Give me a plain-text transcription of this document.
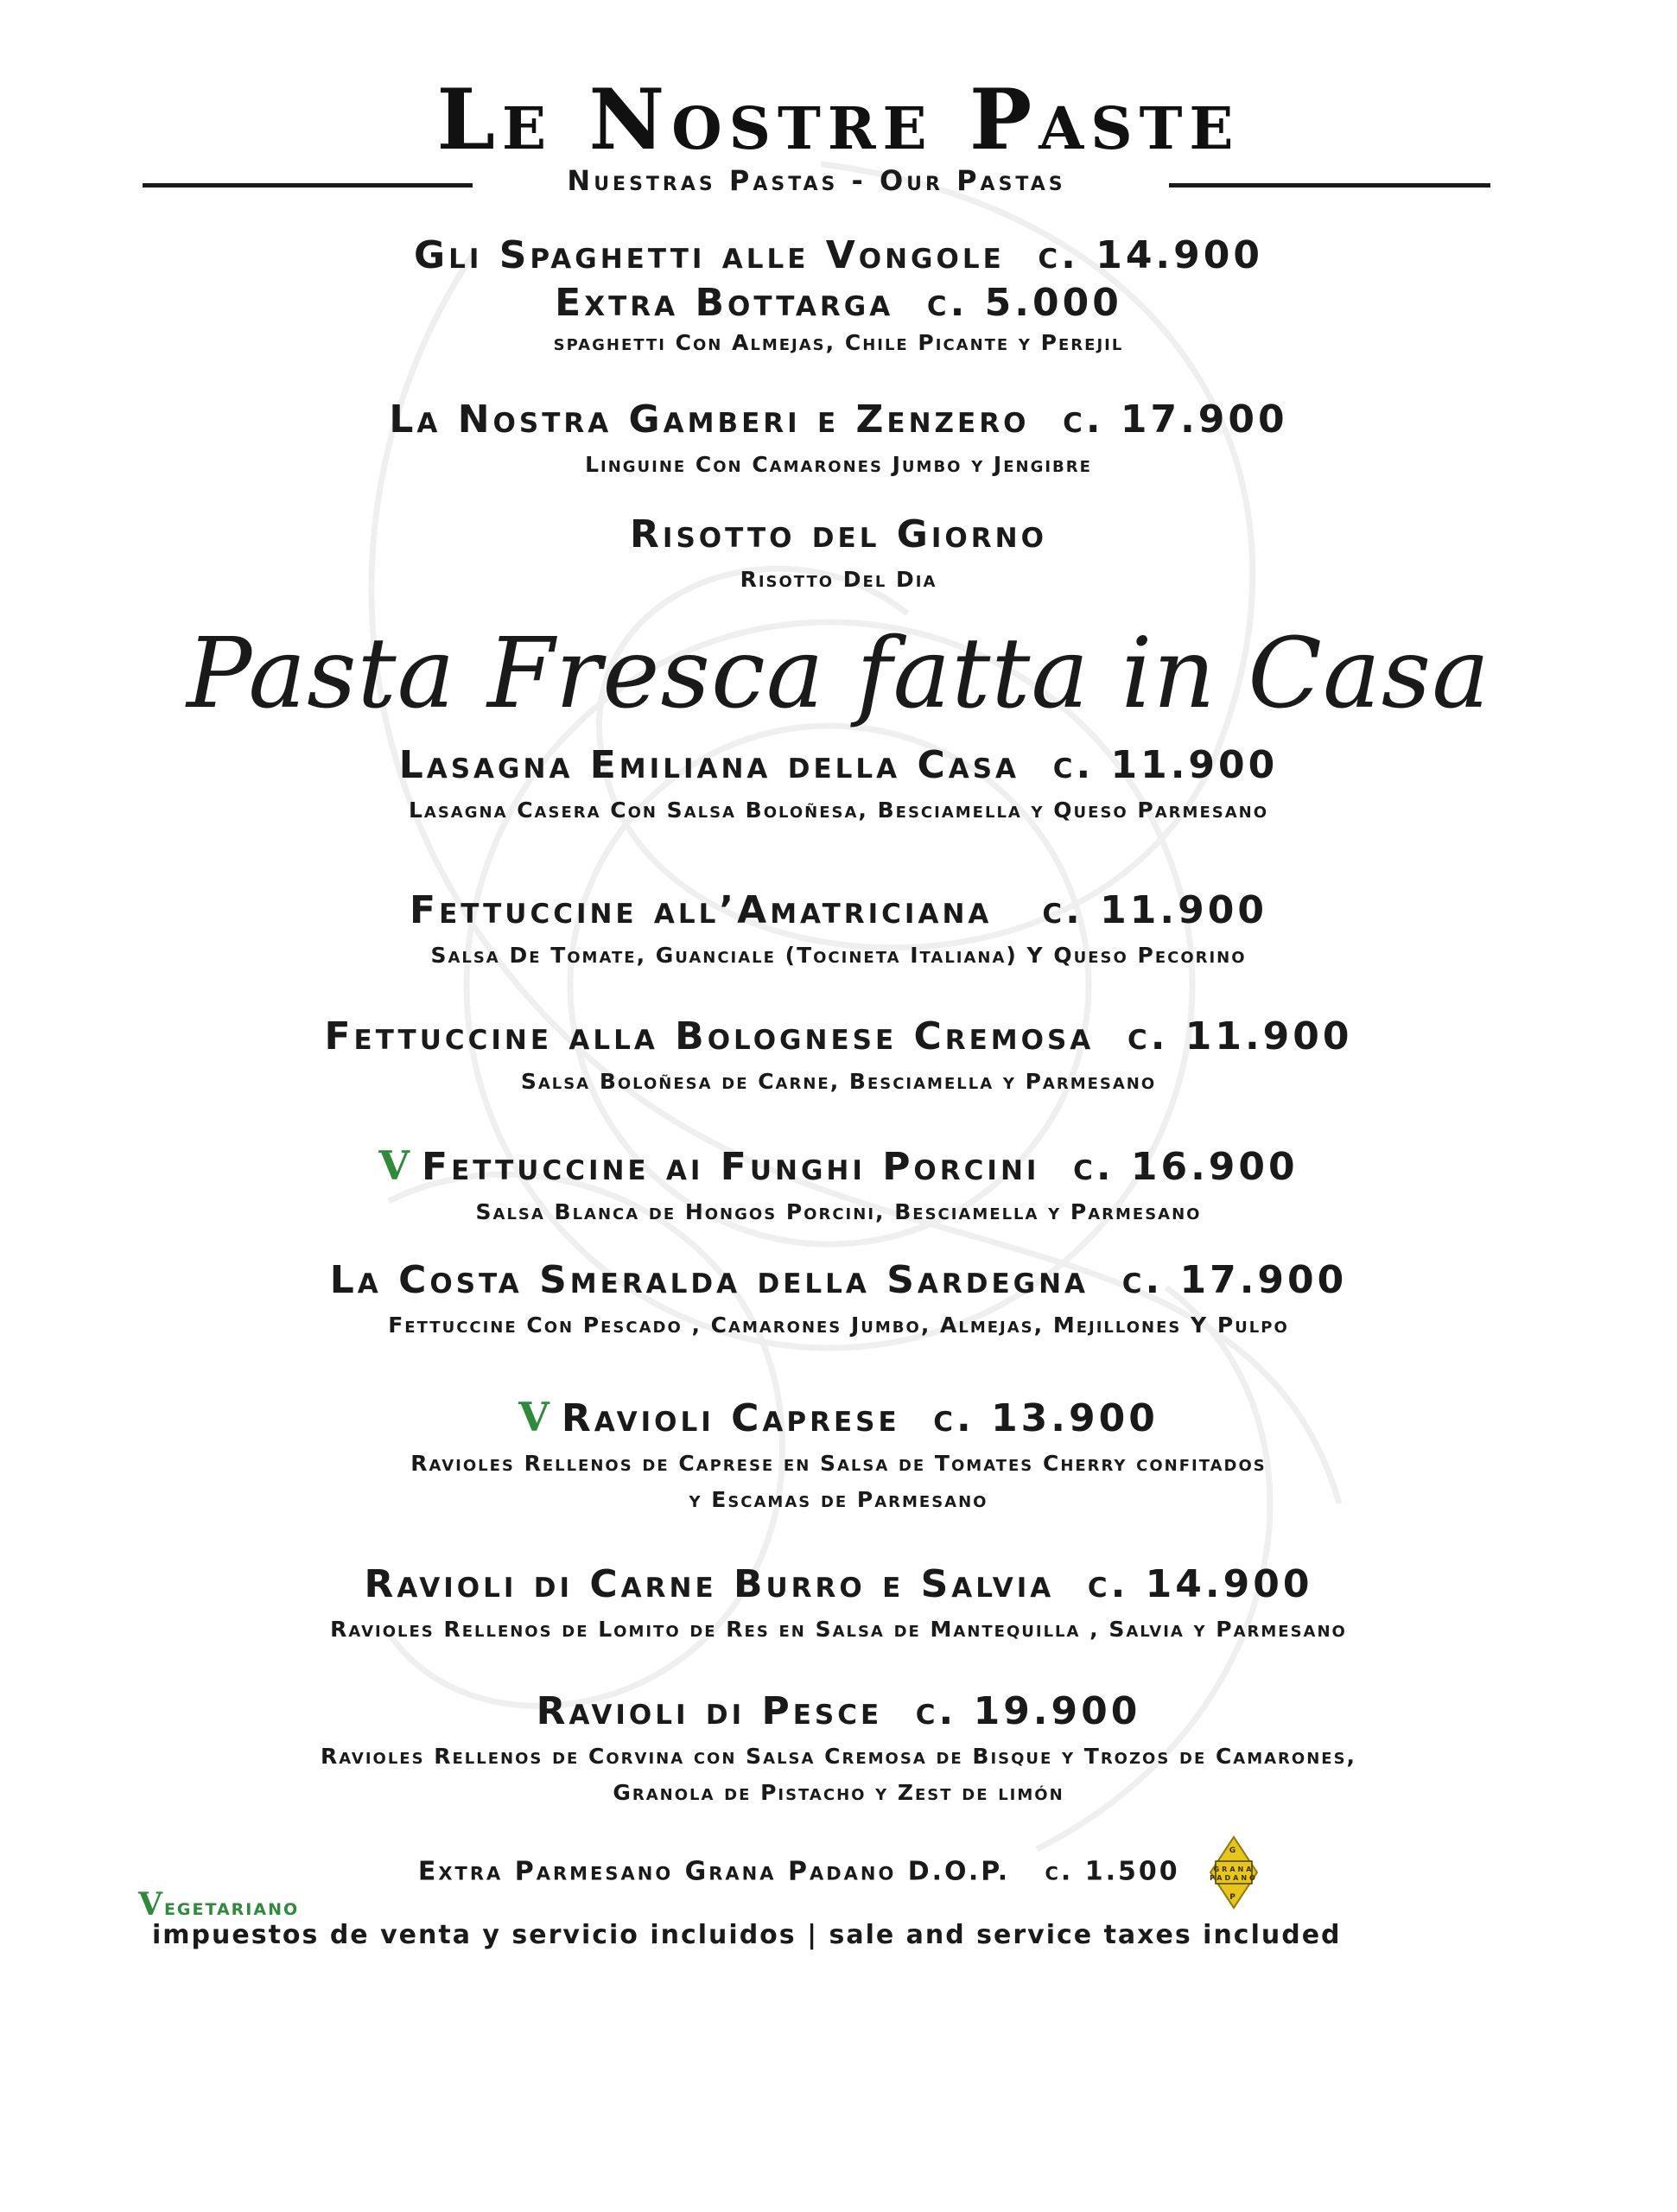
Le Nostre Paste
Nuestras Pastas - Our Pastas
Gli Spaghetti alle Vongole c. 14.900
Extra Bottarga c. 5.000
spaghetti Con Almejas, Chile Picante y Perejil
La Nostra Gamberi e Zenzero c. 17.900
Linguine Con Camarones Jumbo y Jengibre
Risotto del Giorno
Risotto Del Dia
Pasta Fresca fatta in Casa
Lasagna Emiliana della Casa c. 11.900
Lasagna Casera Con Salsa Boloñesa, Besciamella y Queso Parmesano
Fettuccine all’Amatriciana c. 11.900
Salsa De Tomate, Guanciale (Tocineta Italiana) Y Queso Pecorino
Fettuccine alla Bolognese Cremosa c. 11.900
Salsa Boloñesa de Carne, Besciamella y Parmesano
V Fettuccine ai Funghi Porcini c. 16.900
Salsa Blanca de Hongos Porcini, Besciamella y Parmesano
La Costa Smeralda della Sardegna c. 17.900
Fettuccine Con Pescado , Camarones Jumbo, Almejas, Mejillones Y Pulpo
V Ravioli Caprese c. 13.900
Ravioles Rellenos de Caprese en Salsa de Tomates Cherry confitados
y Escamas de Parmesano
Ravioli di Carne Burro e Salvia c. 14.900
Ravioles Rellenos de Lomito de Res en Salsa de Mantequilla , Salvia y Parmesano
Ravioli di Pesce c. 19.900
Ravioles Rellenos de Corvina con Salsa Cremosa de Bisque y Trozos de Camarones,
Granola de Pistacho y Zest de limón
Extra Parmesano Grana Padano D.O.P. c. 1.500	GRANA
PADANO
G
P
Vegetariano
impuestos de venta y servicio incluidos | sale and service taxes included
